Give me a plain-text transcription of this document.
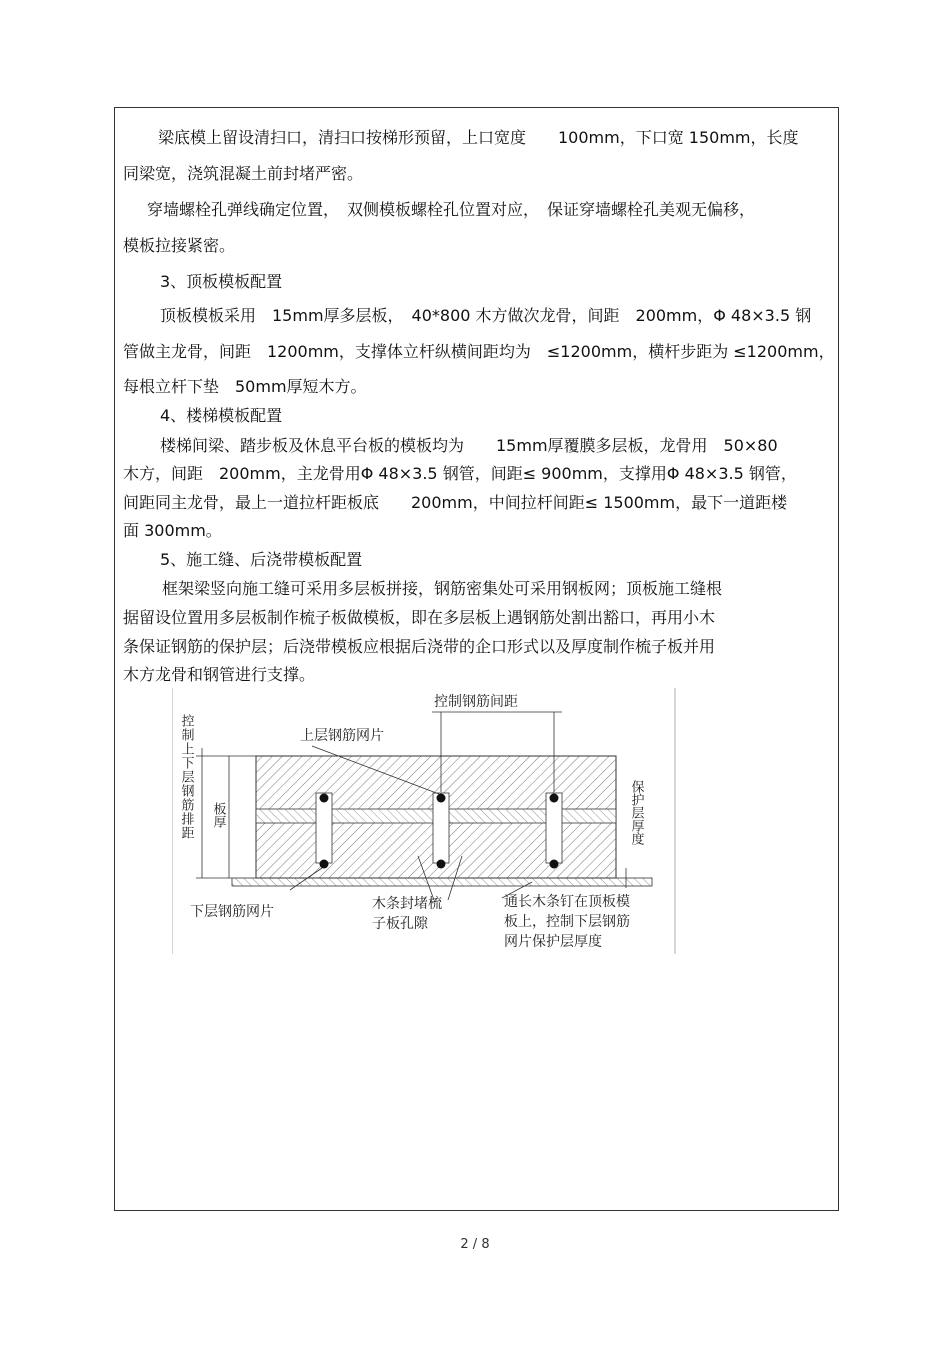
梁底模上留设清扫口，清扫口按梯形预留，上口宽度　　100mm，下口宽 150mm，长度
同梁宽，浇筑混凝土前封堵严密。
　穿墙螺栓孔弹线确定位置，　双侧模板螺栓孔位置对应，　保证穿墙螺栓孔美观无偏移，
模板拉接紧密。
3、顶板模板配置
顶板模板采用　15mm厚多层板，　40*800 木方做次龙骨，间距　200mm，Φ 48×3.5 钢
管做主龙骨，间距　1200mm，支撑体立杆纵横间距均为　≤1200mm，横杆步距为 ≤1200mm，
每根立杆下垫　50mm厚短木方。
4、楼梯模板配置
楼梯间梁、踏步板及休息平台板的模板均为　　15mm厚覆膜多层板，龙骨用　50×80
木方，间距　200mm，主龙骨用Φ 48×3.5 钢管，间距≤ 900mm，支撑用Φ 48×3.5 钢管，
间距同主龙骨，最上一道拉杆距板底　　200mm，中间拉杆间距≤ 1500mm，最下一道距楼
面 300mm。
5、施工缝、后浇带模板配置
框架梁竖向施工缝可采用多层板拼接，钢筋密集处可采用钢板网；顶板施工缝根
据留设位置用多层板制作梳子板做模板，即在多层板上遇钢筋处割出豁口，再用小木
条保证钢筋的保护层；后浇带模板应根据后浇带的企口形式以及厚度制作梳子板并用
木方龙骨和钢管进行支撑。
控制钢筋间距
上层钢筋网片
下层钢筋网片	木条封堵梳
子板孔隙
通长木条钉在顶板模
板上，控制下层钢筋
网片保护层厚度
控制上下层钢筋排距 板厚	保护层厚度
2 / 8
